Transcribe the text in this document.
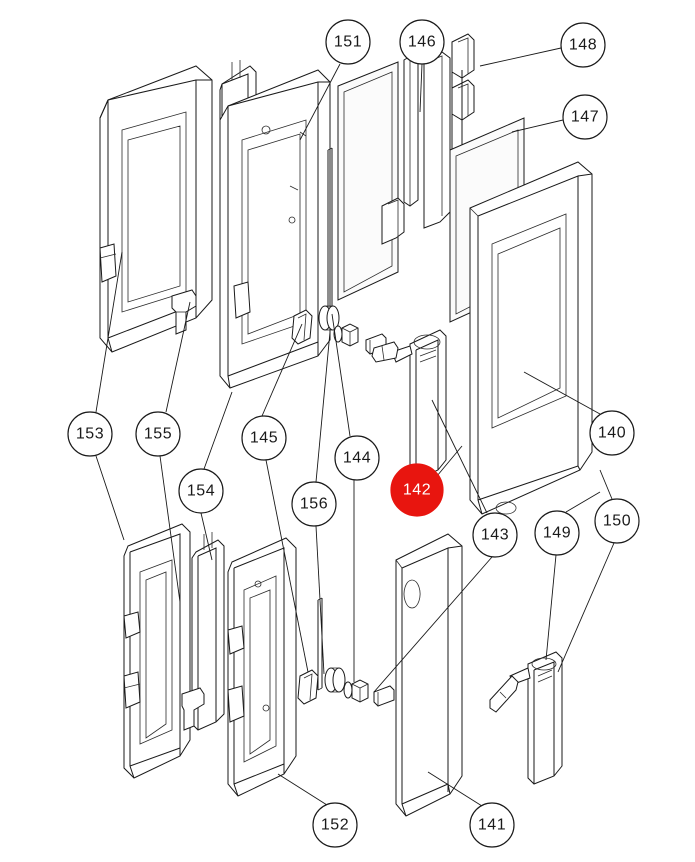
151	146	148
147
140
153 155	145
154
144
156
142
143 149
150
152	141
